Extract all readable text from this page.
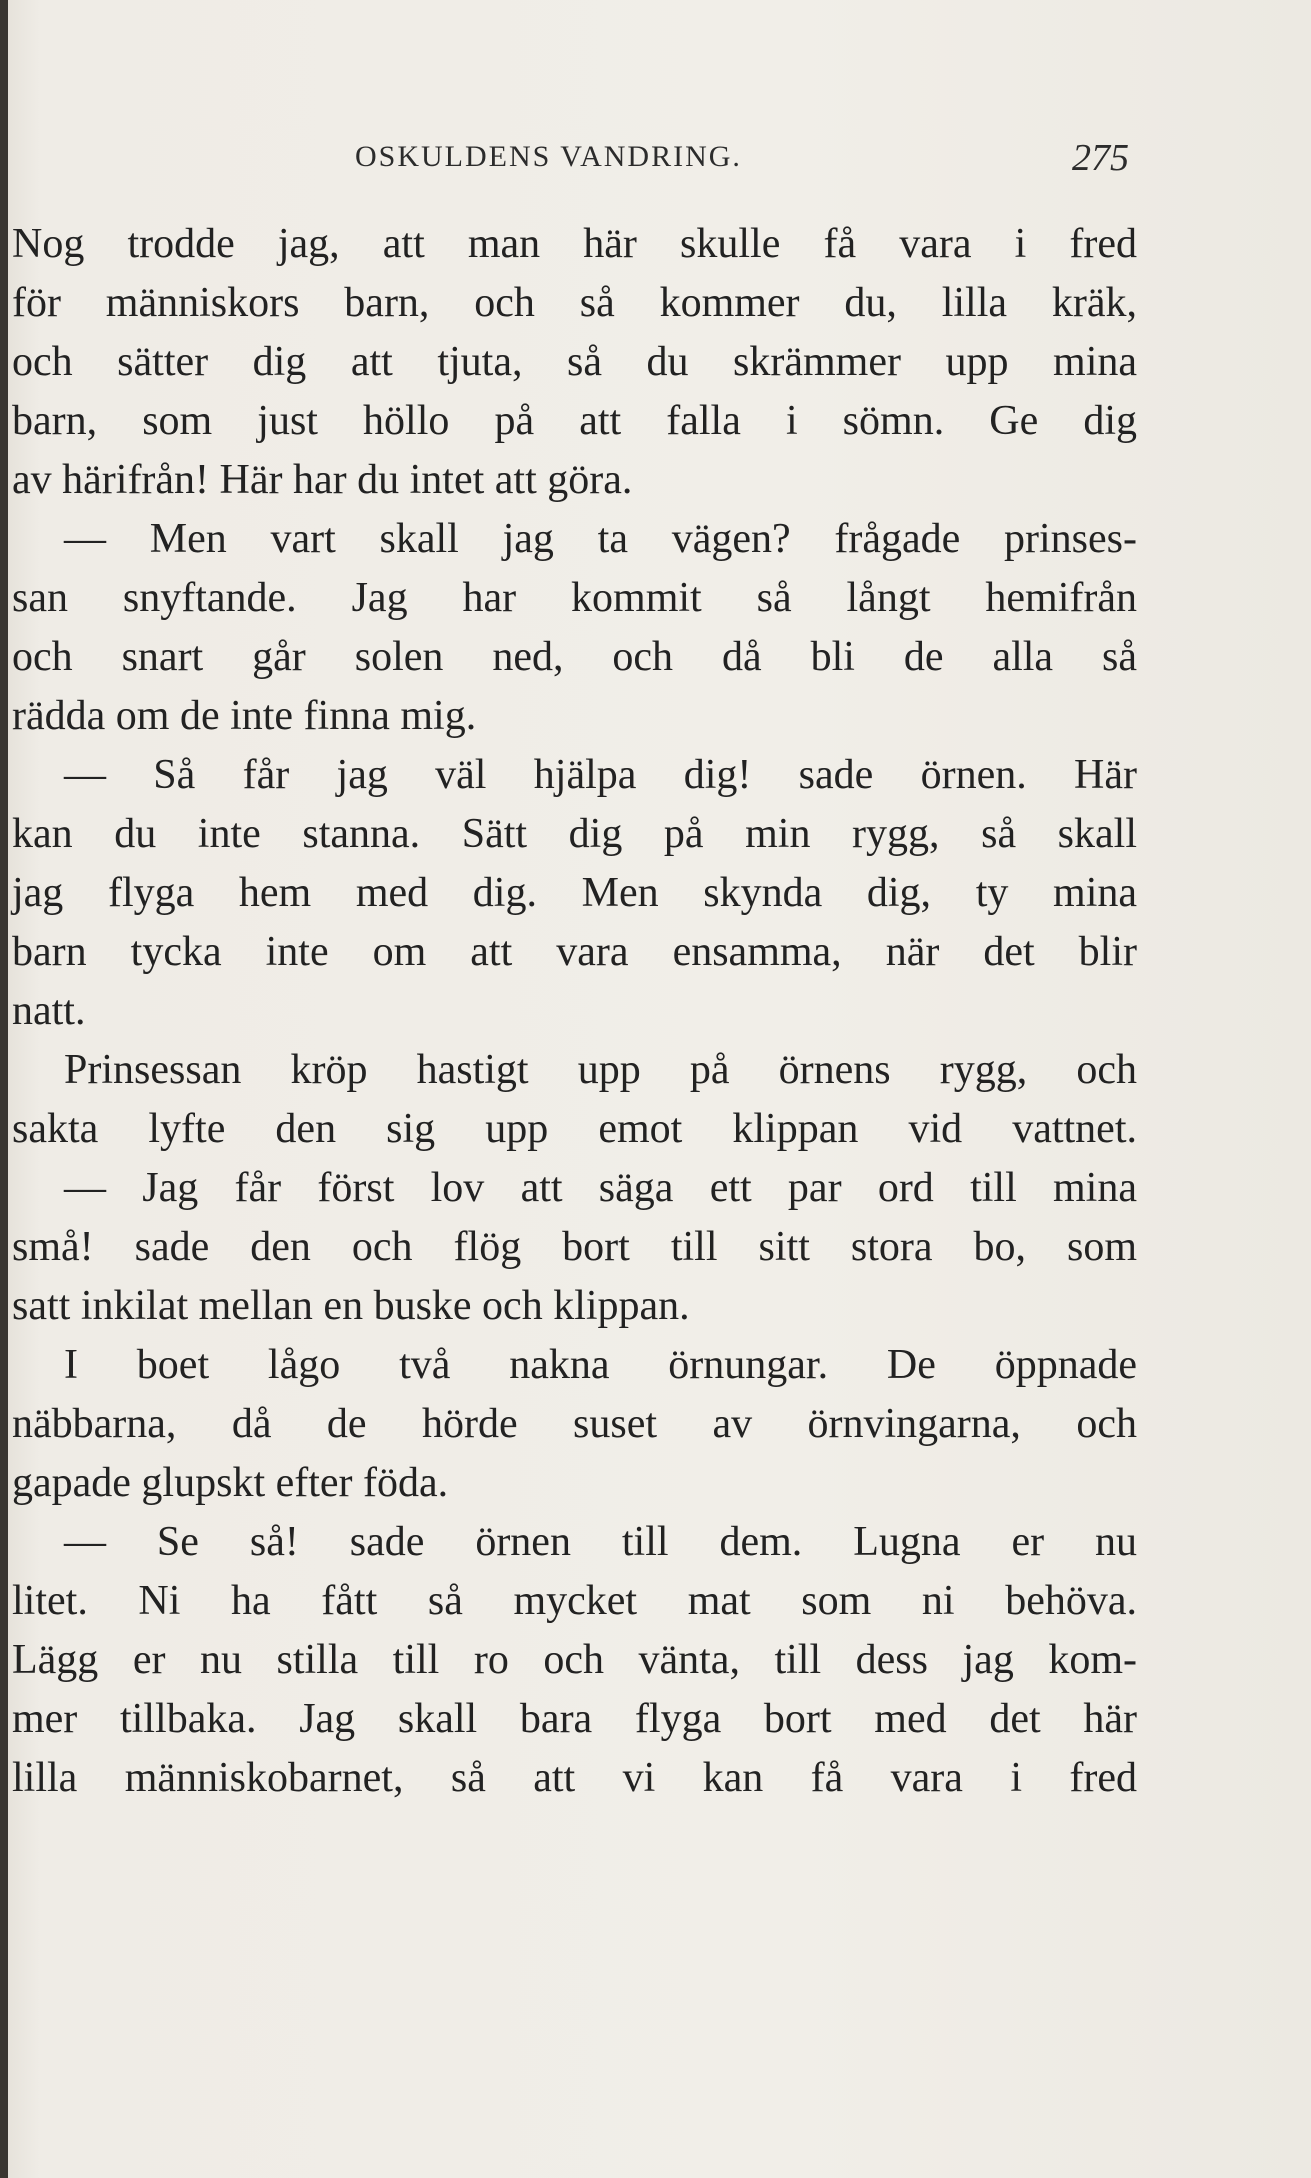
OSKULDENS VANDRING.	275
Nog trodde jag, att man här skulle få vara i fred
för människors barn, och så kommer du, lilla kräk,
och sätter dig att tjuta, så du skrämmer upp mina
barn, som just höllo på att falla i sömn. Ge dig
av härifrån! Här har du intet att göra.
— Men vart skall jag ta vägen? frågade prinses-
san snyftande. Jag har kommit så långt hemifrån
och snart går solen ned, och då bli de alla så
rädda om de inte finna mig.
— Så får jag väl hjälpa dig! sade örnen. Här
kan du inte stanna. Sätt dig på min rygg, så skall
jag flyga hem med dig. Men skynda dig, ty mina
barn tycka inte om att vara ensamma, när det blir
natt.
Prinsessan kröp hastigt upp på örnens rygg, och
sakta lyfte den sig upp emot klippan vid vattnet.
— Jag får först lov att säga ett par ord till mina
små! sade den och flög bort till sitt stora bo, som
satt inkilat mellan en buske och klippan.
I boet lågo två nakna örnungar. De öppnade
näbbarna, då de hörde suset av örnvingarna, och
gapade glupskt efter föda.
— Se så! sade örnen till dem. Lugna er nu
litet. Ni ha fått så mycket mat som ni behöva.
Lägg er nu stilla till ro och vänta, till dess jag kom-
mer tillbaka. Jag skall bara flyga bort med det här
lilla människobarnet, så att vi kan få vara i fred
